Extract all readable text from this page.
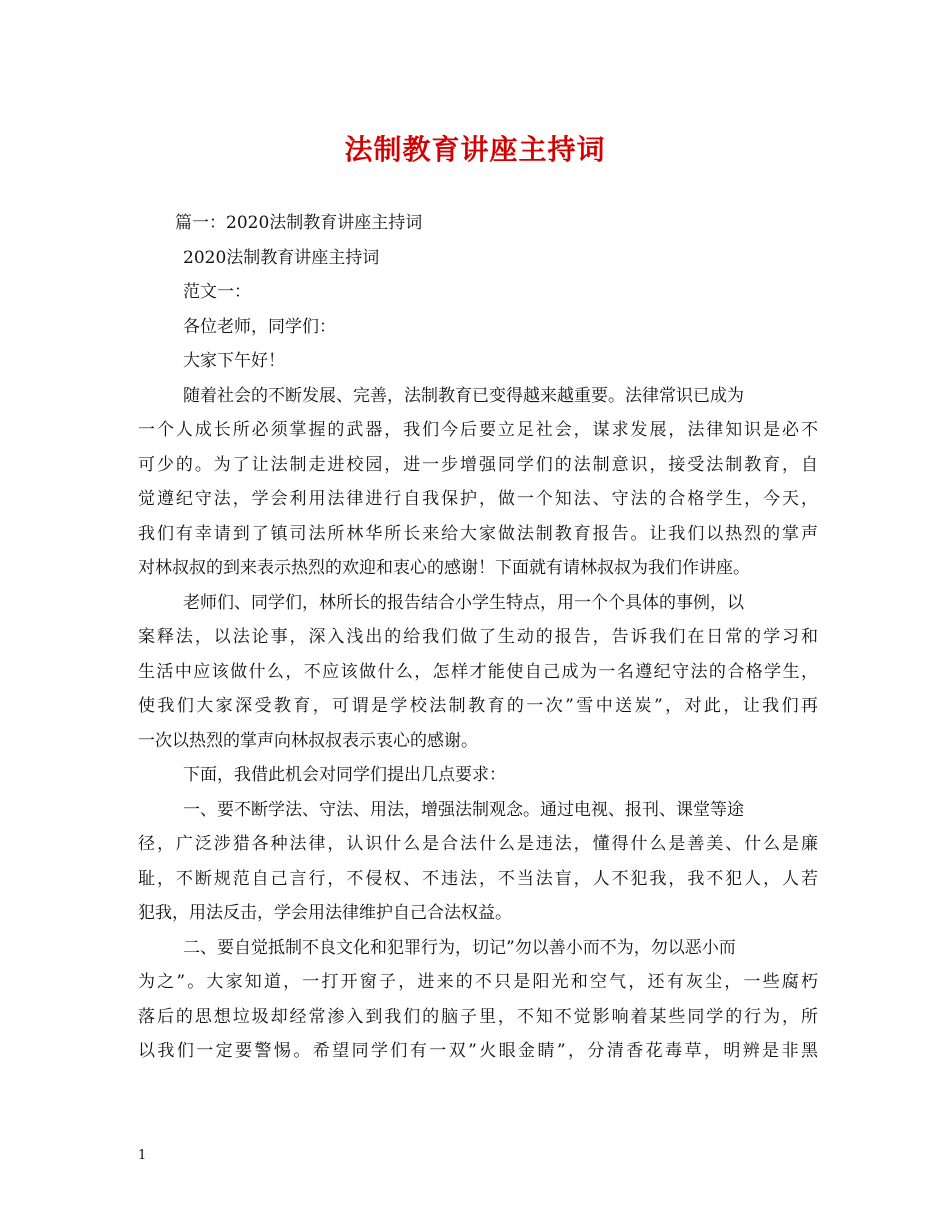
法制教育讲座主持词
篇一：2020法制教育讲座主持词
2020法制教育讲座主持词
范文一：
各位老师，同学们：
大家下午好！
随着社会的不断发展、完善，法制教育已变得越来越重要。法律常识已成为
一个人成长所必须掌握的武器，我们今后要立足社会，谋求发展，法律知识是必不
可少的。为了让法制走进校园，进一步增强同学们的法制意识，接受法制教育，自
觉遵纪守法，学会利用法律进行自我保护，做一个知法、守法的合格学生，今天，
我们有幸请到了镇司法所林华所长来给大家做法制教育报告。让我们以热烈的掌声
对林叔叔的到来表示热烈的欢迎和衷心的感谢！下面就有请林叔叔为我们作讲座。
老师们、同学们，林所长的报告结合小学生特点，用一个个具体的事例，以
案释法，以法论事，深入浅出的给我们做了生动的报告，告诉我们在日常的学习和
生活中应该做什么，不应该做什么，怎样才能使自己成为一名遵纪守法的合格学生，
使我们大家深受教育，可谓是学校法制教育的一次”雪中送炭”，对此，让我们再
一次以热烈的掌声向林叔叔表示衷心的感谢。
下面，我借此机会对同学们提出几点要求：
一、要不断学法、守法、用法，增强法制观念。通过电视、报刊、课堂等途
径，广泛涉猎各种法律，认识什么是合法什么是违法，懂得什么是善美、什么是廉
耻，不断规范自己言行，不侵权、不违法，不当法盲，人不犯我，我不犯人，人若
犯我，用法反击，学会用法律维护自己合法权益。
二、要自觉抵制不良文化和犯罪行为，切记”勿以善小而不为，勿以恶小而
为之”。大家知道，一打开窗子，进来的不只是阳光和空气，还有灰尘，一些腐朽
落后的思想垃圾却经常渗入到我们的脑子里，不知不觉影响着某些同学的行为，所
以我们一定要警惕。希望同学们有一双”火眼金睛”，分清香花毒草，明辨是非黑
1
